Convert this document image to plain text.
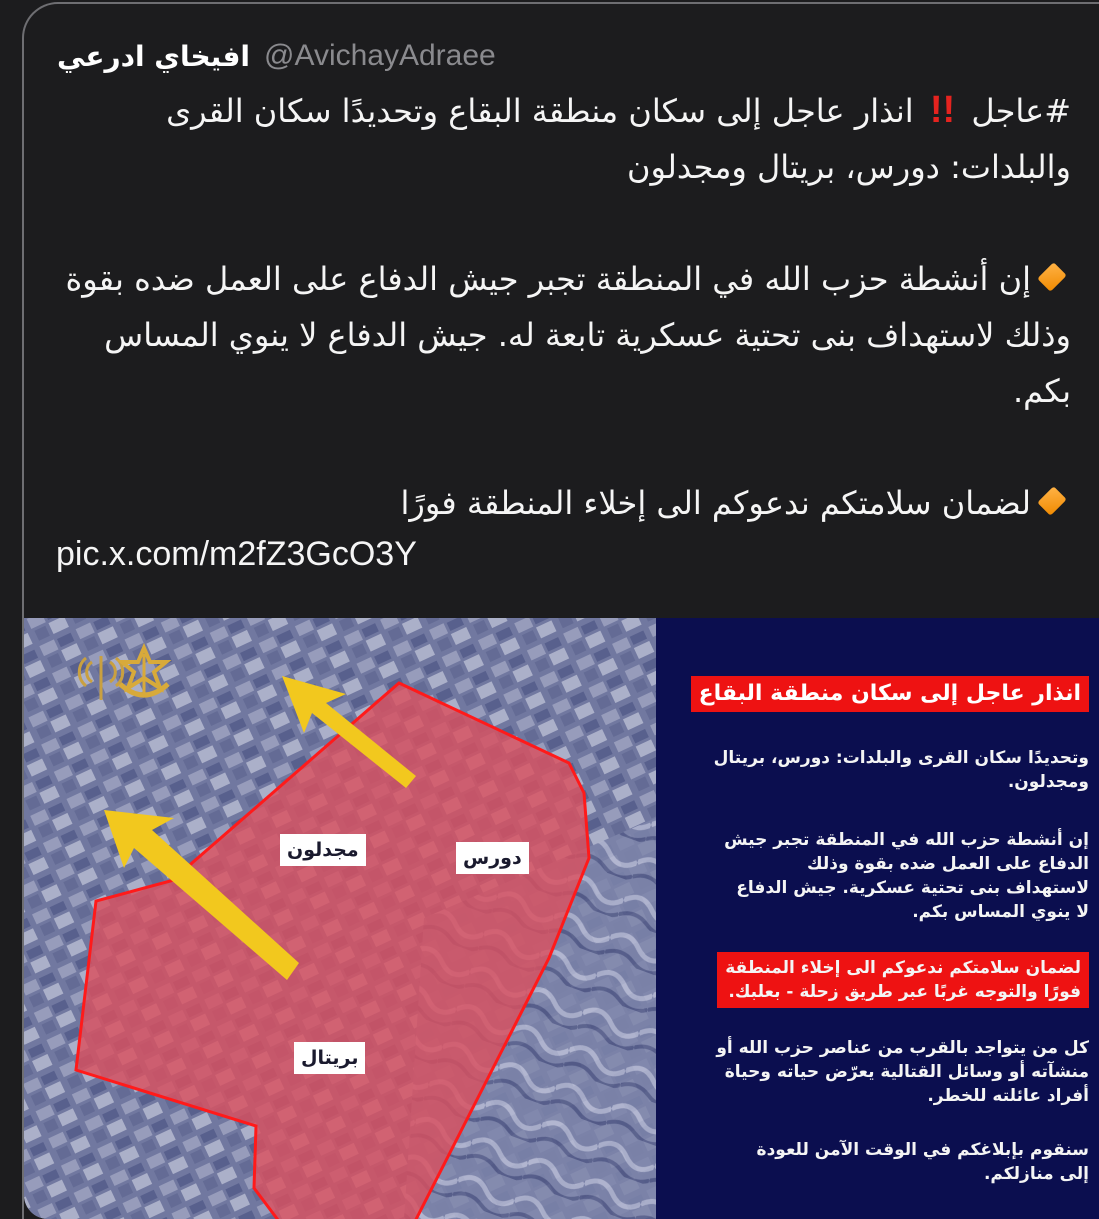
افيخاي ادرعي @AvichayAdraee

#عاجل !! انذار عاجل إلى سكان منطقة البقاع وتحديدًا سكان القرى
والبلدات: دورس، بريتال ومجدلون

إن أنشطة حزب الله في المنطقة تجبر جيش الدفاع على العمل ضده بقوة وذلك لاستهداف بنى تحتية عسكرية تابعة له. جيش الدفاع لا ينوي المساس بكم.

لضمان سلامتكم ندعوكم الى إخلاء المنطقة فورًا

pic.x.com/m2fZ3GcO3Y
مجدلون	دورس
بريتال
انذار عاجل إلى سكان منطقة البقاع
وتحديدًا سكان القرى والبلدات: دورس، بريتال
ومجدلون.
إن أنشطة حزب الله في المنطقة تجبر جيش
الدفاع على العمل ضده بقوة وذلك
لاستهداف بنى تحتية عسكرية. جيش الدفاع
لا ينوي المساس بكم.
لضمان سلامتكم ندعوكم الى إخلاء المنطقة
فورًا والتوجه غربًا عبر طريق زحلة - بعلبك.
كل من يتواجد بالقرب من عناصر حزب الله أو
منشآته أو وسائل القتالية يعرّض حياته وحياة
أفراد عائلته للخطر.
سنقوم بإبلاغكم في الوقت الآمن للعودة
إلى منازلكم.
